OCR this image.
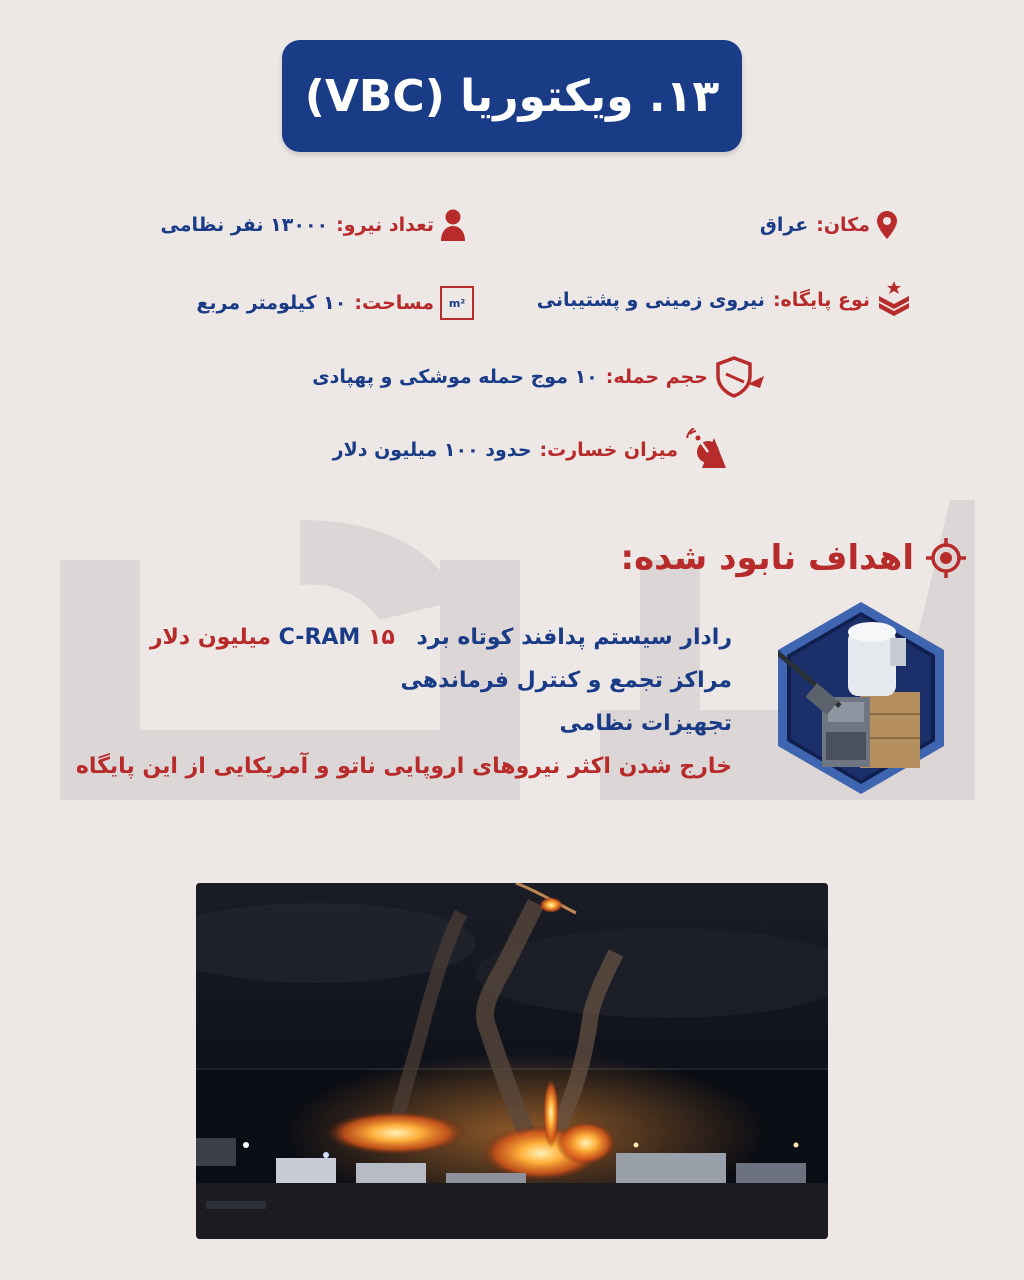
۱۳. ویکتوریا (VBC)
مکان:
عراق
تعداد نیرو:
۱۳۰۰۰ نفر نظامی
نوع پایگاه:
نیروی زمینی و پشتیبانی
m²
مساحت:
۱۰ کیلومتر مربع
حجم حمله:
۱۰ موج حمله موشکی و پهپادی
میزان خسارت:
حدود ۱۰۰ میلیون دلار
اهداف نابود شده:
رادار سیستم پدافند کوتاه برد C-RAM ۱۵ میلیون دلار
مراکز تجمع و کنترل فرماندهی
تجهیزات نظامی
خارج شدن اکثر نیروهای اروپایی ناتو و آمریکایی از این پایگاه
